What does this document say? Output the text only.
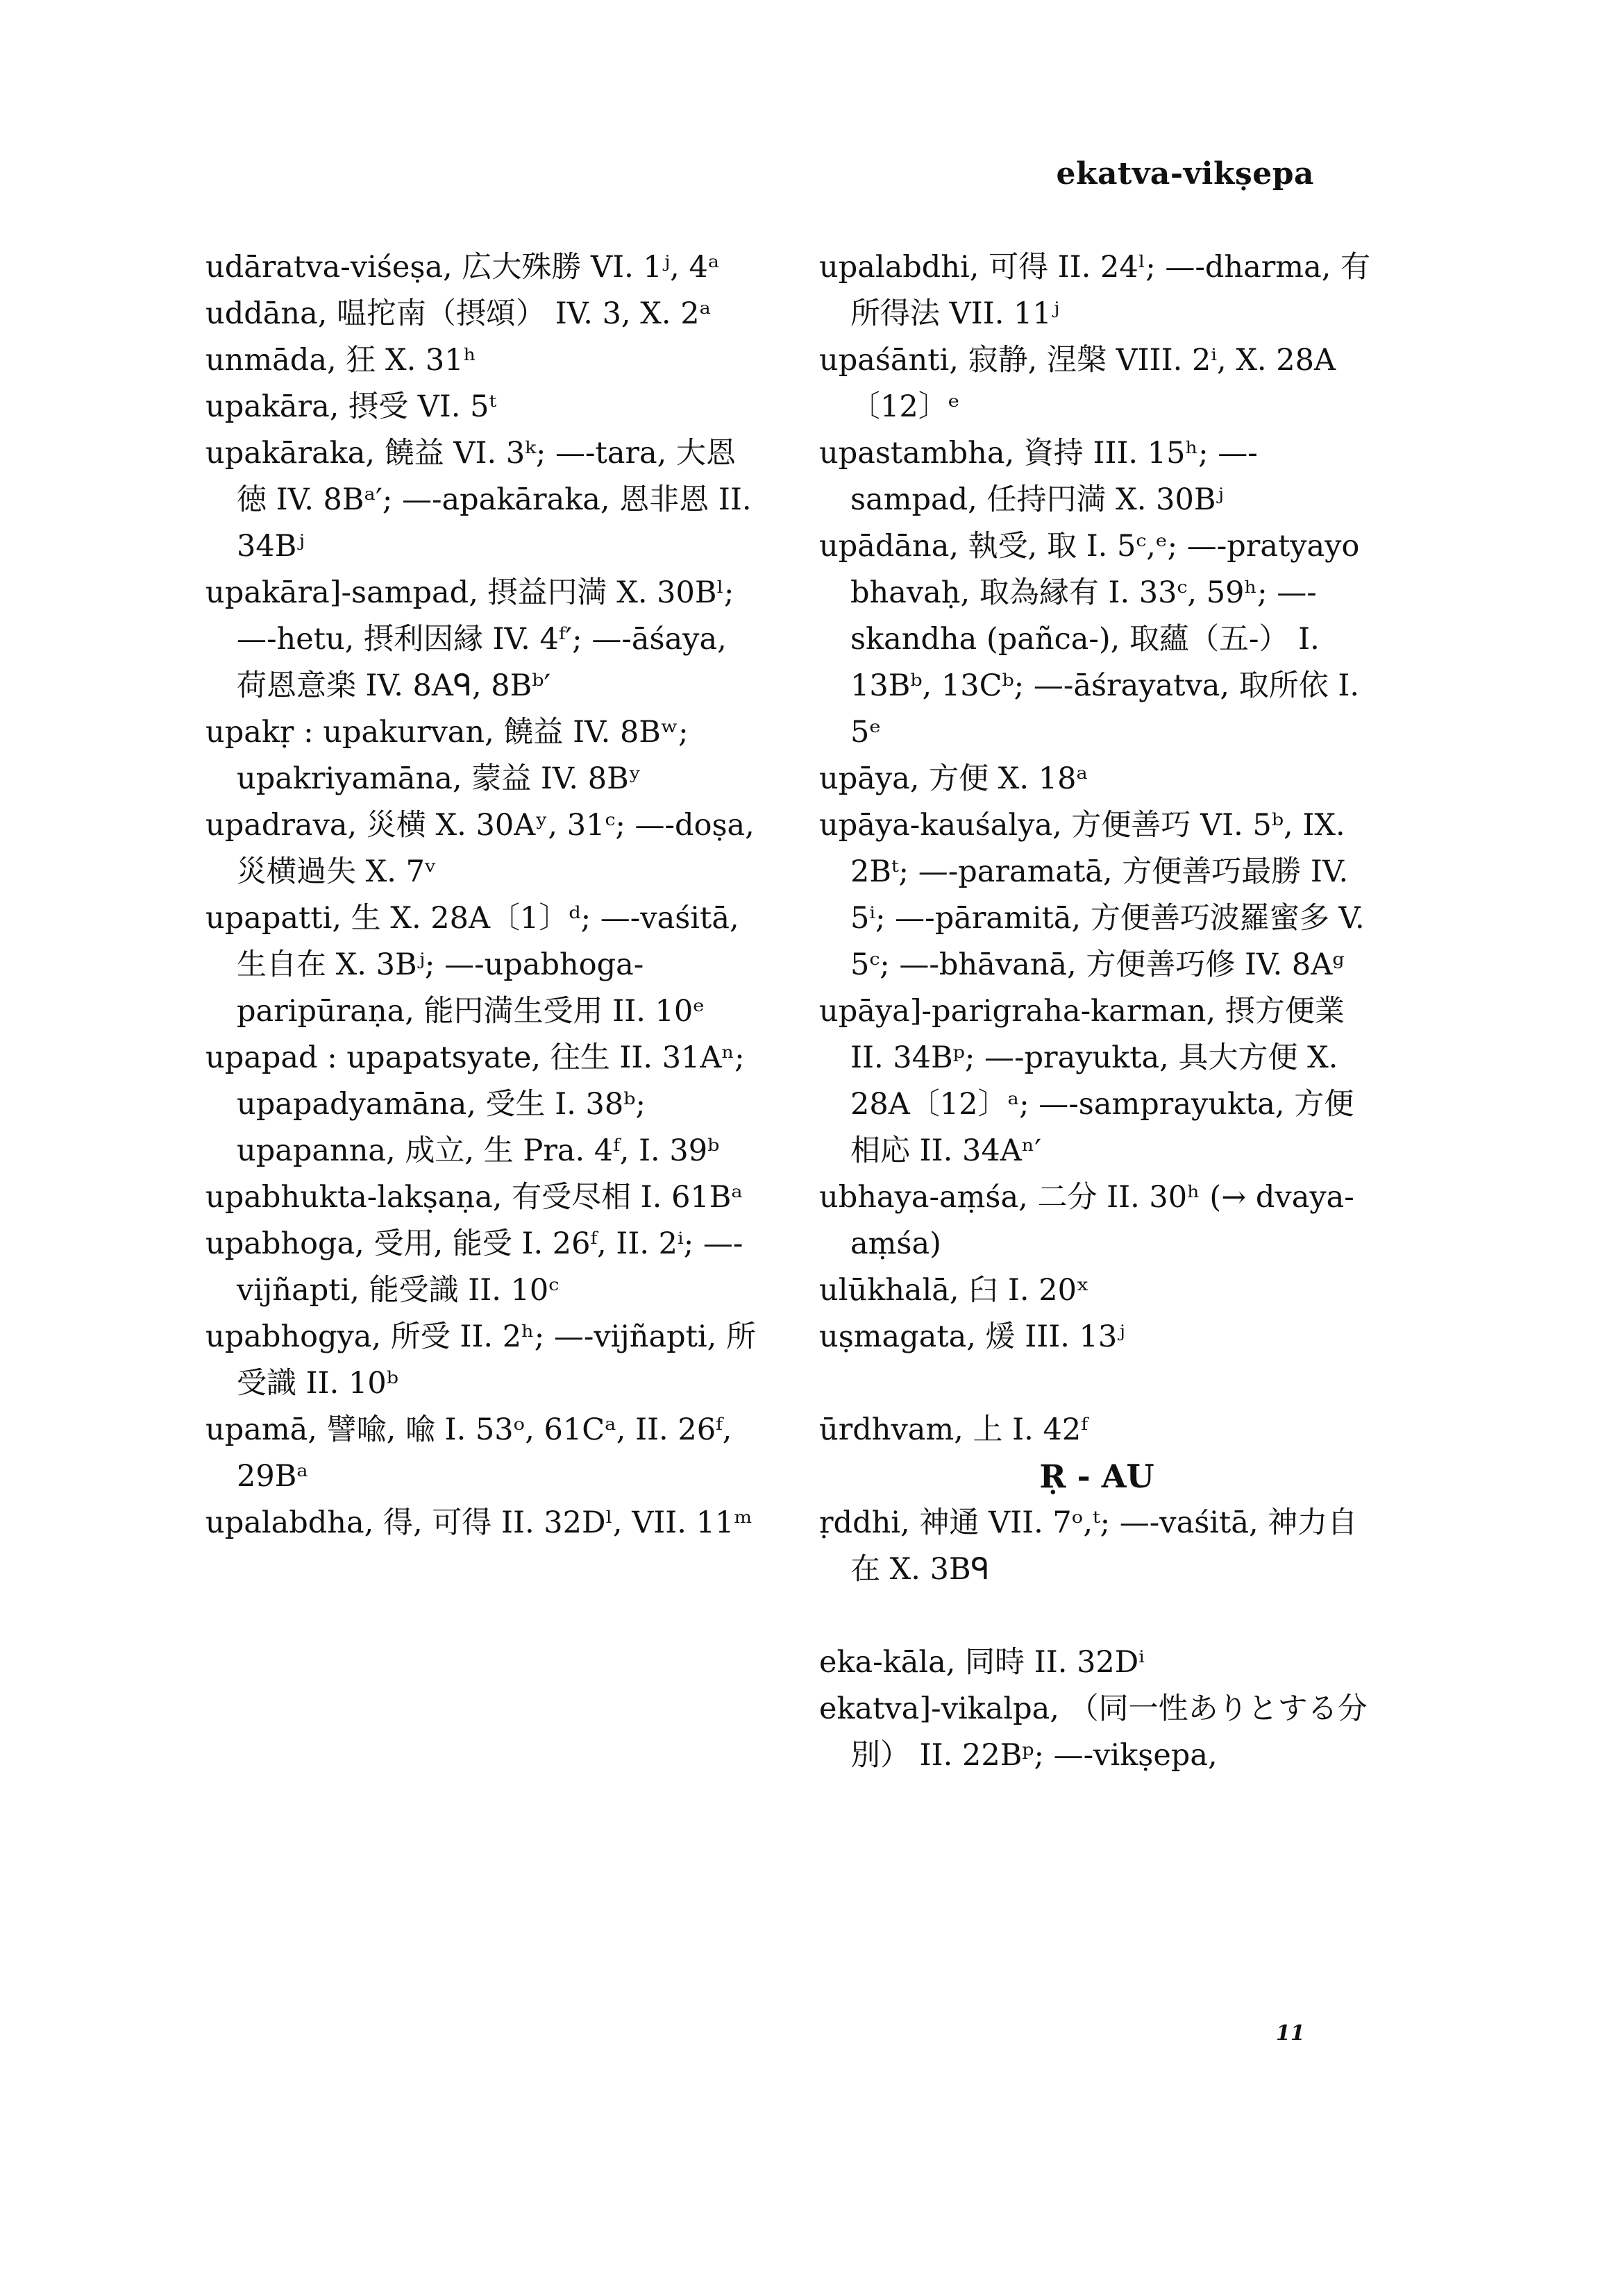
ekatva-vikṣepa

udāratva-viśeṣa, 広大殊勝 VI. 1ʲ, 4ᵃ

uddāna, 嗢拕南（摂頌） IV. 3, X. 2ᵃ

unmāda, 狂 X. 31ʰ

upakāra, 摂受 VI. 5ᵗ

upakāraka, 饒益 VI. 3ᵏ; —-tara, 大恩徳 IV. 8Bᵃ′; —-apakāraka, 恩非恩 II. 34Bʲ

upakāra]-sampad, 摂益円満 X. 30Bˡ; —-hetu, 摂利因縁 IV. 4ᶠ′; —-āśaya, 荷恩意楽 IV. 8Aᑫ, 8Bᵇ′

upakṛ : upakurvan, 饒益 IV. 8Bʷ; upakriyamāna, 蒙益 IV. 8Bʸ

upadrava, 災横 X. 30Aʸ, 31ᶜ; —-doṣa, 災横過失 X. 7ᵛ

upapatti, 生 X. 28A〔1〕ᵈ; —-vaśitā, 生自在 X. 3Bʲ; —-upabhoga-paripūraṇa, 能円満生受用 II. 10ᵉ

upapad : upapatsyate, 往生 II. 31Aⁿ; upapadyamāna, 受生 I. 38ᵇ; upapanna, 成立, 生 Pra. 4ᶠ, I. 39ᵇ

upabhukta-lakṣaṇa, 有受尽相 I. 61Bᵃ

upabhoga, 受用, 能受 I. 26ᶠ, II. 2ⁱ; —-vijñapti, 能受識 II. 10ᶜ

upabhogya, 所受 II. 2ʰ; —-vijñapti, 所受識 II. 10ᵇ

upamā, 譬喩, 喩 I. 53ᵒ, 61Cᵃ, II. 26ᶠ, 29Bᵃ

upalabdha, 得, 可得 II. 32Dˡ, VII. 11ᵐ

upalabdhi, 可得 II. 24ˡ; —-dharma, 有所得法 VII. 11ʲ

upaśānti, 寂静, 涅槃 VIII. 2ⁱ, X. 28A〔12〕ᵉ

upastambha, 資持 III. 15ʰ; —-sampad, 任持円満 X. 30Bʲ

upādāna, 執受, 取 I. 5ᶜ,ᵉ; —-pratyayo bhavaḥ, 取為縁有 I. 33ᶜ, 59ʰ; —-skandha (pañca-), 取蘊（五-） I. 13Bᵇ, 13Cᵇ; —-āśrayatva, 取所依 I. 5ᵉ

upāya, 方便 X. 18ᵃ

upāya-kauśalya, 方便善巧 VI. 5ᵇ, IX. 2Bᵗ; —-paramatā, 方便善巧最勝 IV. 5ⁱ; —-pāramitā, 方便善巧波羅蜜多 V. 5ᶜ; —-bhāvanā, 方便善巧修 IV. 8Aᵍ

upāya]-parigraha-karman, 摂方便業 II. 34Bᵖ; —-prayukta, 具大方便 X. 28A〔12〕ᵃ; —-samprayukta, 方便相応 II. 34Aⁿ′

ubhaya-aṃśa, 二分 II. 30ʰ (→ dvaya-aṃśa)

ulūkhalā, 臼 I. 20ˣ

uṣmagata, 煖 III. 13ʲ

ūrdhvam, 上 I. 42ᶠ

Ṛ - AU

ṛddhi, 神通 VII. 7ᵒ,ᵗ; —-vaśitā, 神力自在 X. 3Bᑫ

eka-kāla, 同時 II. 32Dⁱ

ekatva]-vikalpa, （同一性ありとする分別） II. 22Bᵖ; —-vikṣepa,

11
